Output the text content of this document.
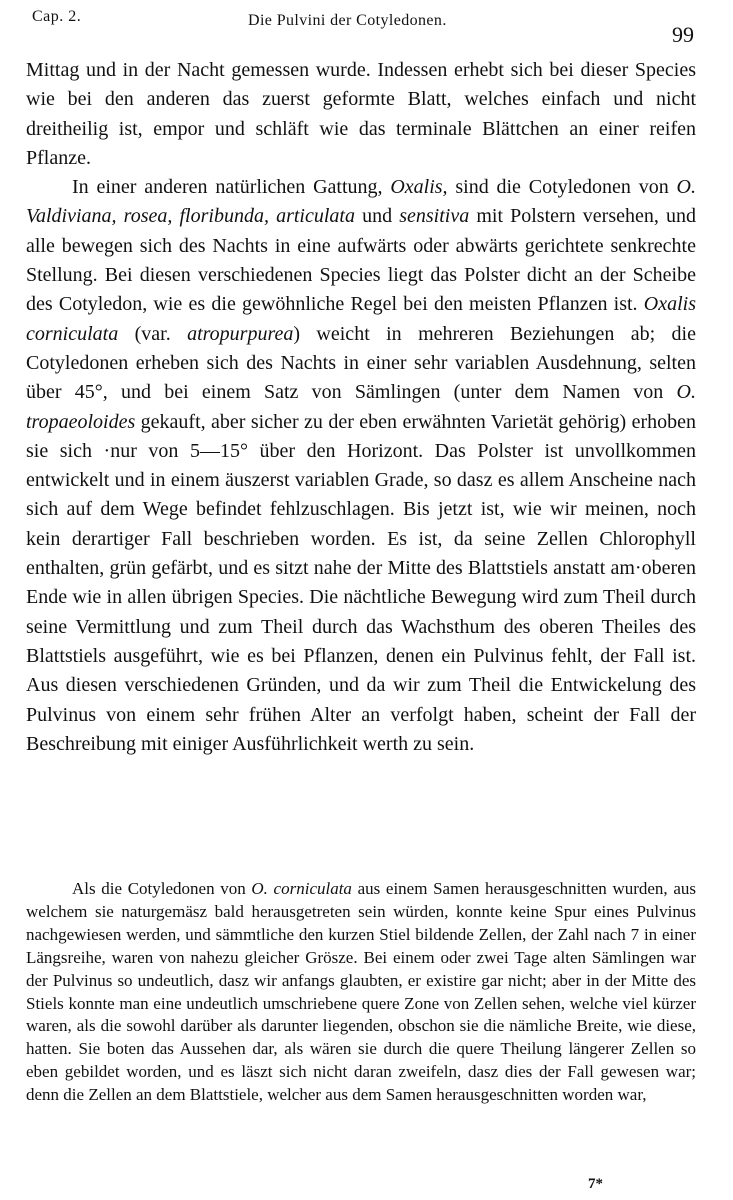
Cap. 2.	Die Pulvini der Cotyledonen.
99

Mittag und in der Nacht gemessen wurde. Indessen erhebt sich bei dieser Species wie bei den anderen das zuerst geformte Blatt, welches einfach und nicht dreitheilig ist, empor und schläft wie das terminale Blättchen an einer reifen Pflanze.

In einer anderen natürlichen Gattung, Oxalis, sind die Cotyledonen von O. Valdiviana, rosea, floribunda, articulata und sensitiva mit Polstern versehen, und alle bewegen sich des Nachts in eine aufwärts oder abwärts gerichtete senkrechte Stellung. Bei diesen verschiedenen Species liegt das Polster dicht an der Scheibe des Cotyledon, wie es die gewöhnliche Regel bei den meisten Pflanzen ist. Oxalis corniculata (var. atropurpurea) weicht in mehreren Beziehungen ab; die Cotyledonen erheben sich des Nachts in einer sehr variablen Ausdehnung, selten über 45°, und bei einem Satz von Sämlingen (unter dem Namen von O. tropaeoloides gekauft, aber sicher zu der eben erwähnten Varietät gehörig) erhoben sie sich ·nur von 5—15° über den Horizont. Das Polster ist unvollkommen entwickelt und in einem äuszerst variablen Grade, so dasz es allem Anscheine nach sich auf dem Wege befindet fehlzuschlagen. Bis jetzt ist, wie wir meinen, noch kein derartiger Fall beschrieben worden. Es ist, da seine Zellen Chlorophyll enthalten, grün gefärbt, und es sitzt nahe der Mitte des Blattstiels anstatt am·oberen Ende wie in allen übrigen Species. Die nächtliche Bewegung wird zum Theil durch seine Vermittlung und zum Theil durch das Wachsthum des oberen Theiles des Blattstiels ausgeführt, wie es bei Pflanzen, denen ein Pulvinus fehlt, der Fall ist. Aus diesen verschiedenen Gründen, und da wir zum Theil die Entwickelung des Pulvinus von einem sehr frühen Alter an verfolgt haben, scheint der Fall der Beschreibung mit einiger Ausführlichkeit werth zu sein.

Als die Cotyledonen von O. corniculata aus einem Samen herausgeschnitten wurden, aus welchem sie naturgemäsz bald herausgetreten sein würden, konnte keine Spur eines Pulvinus nachgewiesen werden, und sämmtliche den kurzen Stiel bildende Zellen, der Zahl nach 7 in einer Längsreihe, waren von nahezu gleicher Grösze. Bei einem oder zwei Tage alten Sämlingen war der Pulvinus so undeutlich, dasz wir anfangs glaubten, er existire gar nicht; aber in der Mitte des Stiels konnte man eine undeutlich umschriebene quere Zone von Zellen sehen, welche viel kürzer waren, als die sowohl darüber als darunter liegenden, obschon sie die nämliche Breite, wie diese, hatten. Sie boten das Aussehen dar, als wären sie durch die quere Theilung längerer Zellen so eben gebildet worden, und es läszt sich nicht daran zweifeln, dasz dies der Fall gewesen war; denn die Zellen an dem Blattstiele, welcher aus dem Samen herausgeschnitten worden war,

7*
